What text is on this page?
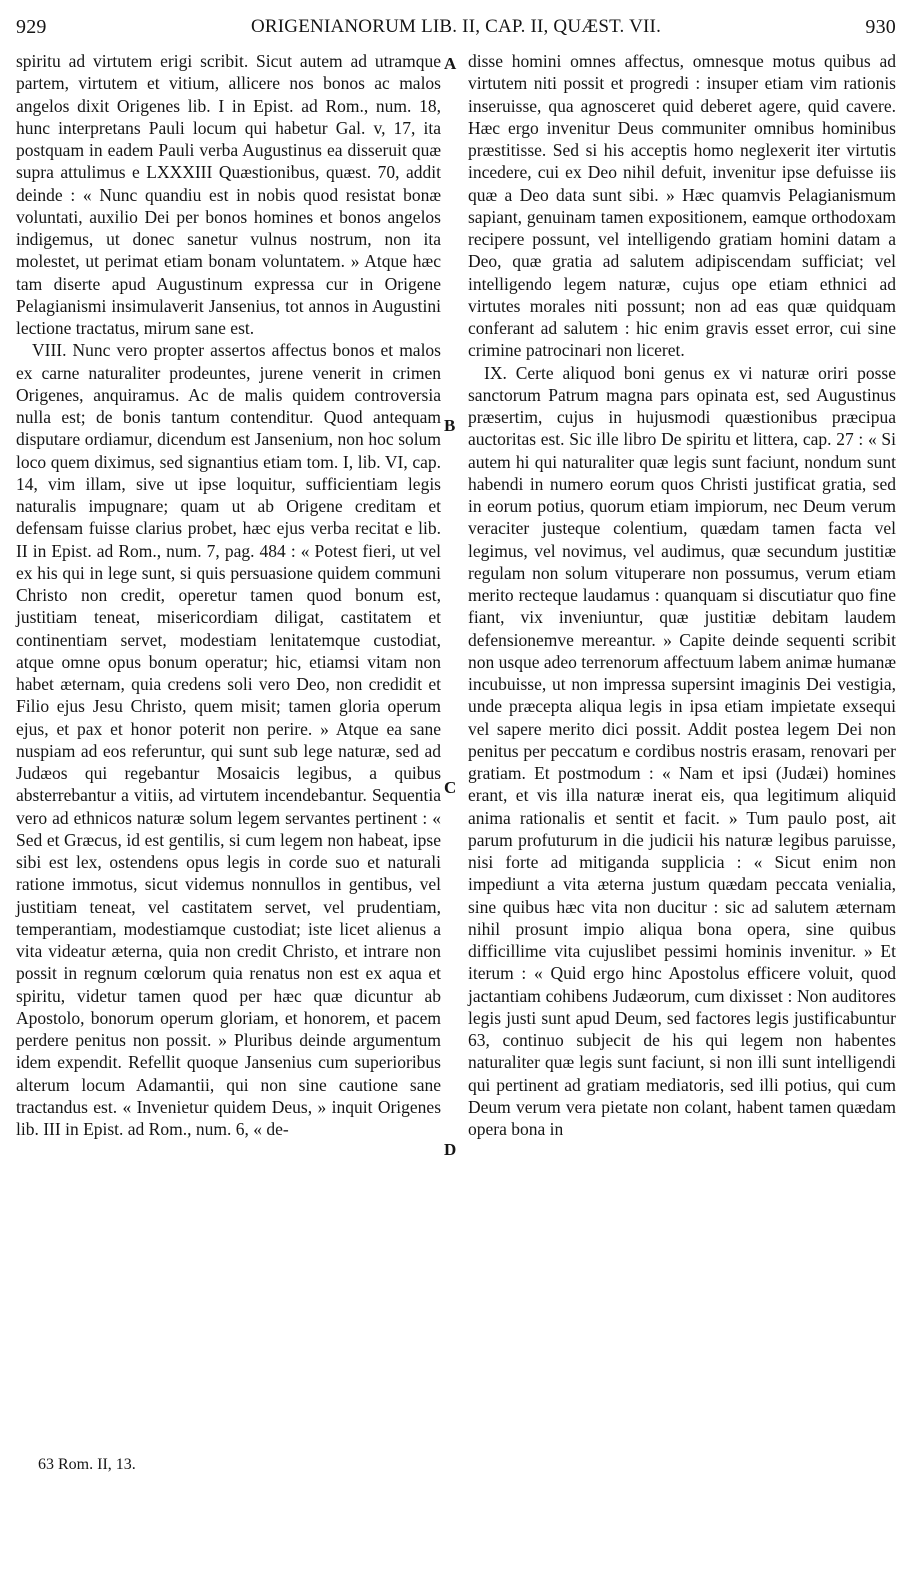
929	ORIGENIANORUM LIB. II, CAP. II, QUÆST. VII.	930

spiritu ad virtutem erigi scribit. Sicut autem ad utramque partem, virtutem et vitium, allicere nos bonos ac malos angelos dixit Origenes lib. I in Epist. ad Rom., num. 18, hunc interpretans Pauli locum qui habetur Gal. v, 17, ita postquam in eadem Pauli verba Augustinus ea disseruit quæ supra attulimus e LXXXIII Quæstionibus, quæst. 70, addit deinde : « Nunc quandiu est in nobis quod resistat bonæ voluntati, auxilio Dei per bonos homines et bonos angelos indigemus, ut donec sanetur vulnus nostrum, non ita molestet, ut perimat etiam bonam voluntatem. » Atque hæc tam diserte apud Augustinum expressa cur in Origene Pelagianismi insimulaverit Jansenius, tot annos in Augustini lectione tractatus, mirum sane est.

VIII. Nunc vero propter assertos affectus bonos et malos ex carne naturaliter prodeuntes, jurene venerit in crimen Origenes, anquiramus. Ac de malis quidem controversia nulla est; de bonis tantum contenditur. Quod antequam disputare ordiamur, dicendum est Jansenium, non hoc solum loco quem diximus, sed signantius etiam tom. I, lib. VI, cap. 14, vim illam, sive ut ipse loquitur, sufficientiam legis naturalis impugnare; quam ut ab Origene creditam et defensam fuisse clarius probet, hæc ejus verba recitat e lib. II in Epist. ad Rom., num. 7, pag. 484 : « Potest fieri, ut vel ex his qui in lege sunt, si quis persuasione quidem communi Christo non credit, operetur tamen quod bonum est, justitiam teneat, misericordiam diligat, castitatem et continentiam servet, modestiam lenitatemque custodiat, atque omne opus bonum operatur; hic, etiamsi vitam non habet æternam, quia credens soli vero Deo, non credidit et Filio ejus Jesu Christo, quem misit; tamen gloria operum ejus, et pax et honor poterit non perire. » Atque ea sane nuspiam ad eos referuntur, qui sunt sub lege naturæ, sed ad Judæos qui regebantur Mosaicis legibus, a quibus absterrebantur a vitiis, ad virtutem incendebantur. Sequentia vero ad ethnicos naturæ solum legem servantes pertinent : « Sed et Græcus, id est gentilis, si cum legem non habeat, ipse sibi est lex, ostendens opus legis in corde suo et naturali ratione immotus, sicut videmus nonnullos in gentibus, vel justitiam teneat, vel castitatem servet, vel prudentiam, temperantiam, modestiamque custodiat; iste licet alienus a vita videatur æterna, quia non credit Christo, et intrare non possit in regnum cœlorum quia renatus non est ex aqua et spiritu, videtur tamen quod per hæc quæ dicuntur ab Apostolo, bonorum operum gloriam, et honorem, et pacem perdere penitus non possit. » Pluribus deinde argumentum idem expendit. Refellit quoque Jansenius cum superioribus alterum locum Adamantii, qui non sine cautione sane tractandus est. « Invenietur quidem Deus, » inquit Origenes lib. III in Epist. ad Rom., num. 6, « de-

A
B
C
D

disse homini omnes affectus, omnesque motus quibus ad virtutem niti possit et progredi : insuper etiam vim rationis inseruisse, qua agnosceret quid deberet agere, quid cavere. Hæc ergo invenitur Deus communiter omnibus hominibus præstitisse. Sed si his acceptis homo neglexerit iter virtutis incedere, cui ex Deo nihil defuit, invenitur ipse defuisse iis quæ a Deo data sunt sibi. » Hæc quamvis Pelagianismum sapiant, genuinam tamen expositionem, eamque orthodoxam recipere possunt, vel intelligendo gratiam homini datam a Deo, quæ gratia ad salutem adipiscendam sufficiat; vel intelligendo legem naturæ, cujus ope etiam ethnici ad virtutes morales niti possunt; non ad eas quæ quidquam conferant ad salutem : hic enim gravis esset error, cui sine crimine patrocinari non liceret.

IX. Certe aliquod boni genus ex vi naturæ oriri posse sanctorum Patrum magna pars opinata est, sed Augustinus præsertim, cujus in hujusmodi quæstionibus præcipua auctoritas est. Sic ille libro De spiritu et littera, cap. 27 : « Si autem hi qui naturaliter quæ legis sunt faciunt, nondum sunt habendi in numero eorum quos Christi justificat gratia, sed in eorum potius, quorum etiam impiorum, nec Deum verum veraciter justeque colentium, quædam tamen facta vel legimus, vel novimus, vel audimus, quæ secundum justitiæ regulam non solum vituperare non possumus, verum etiam merito recteque laudamus : quanquam si discutiatur quo fine fiant, vix inveniuntur, quæ justitiæ debitam laudem defensionemve mereantur. » Capite deinde sequenti scribit non usque adeo terrenorum affectuum labem animæ humanæ incubuisse, ut non impressa supersint imaginis Dei vestigia, unde præcepta aliqua legis in ipsa etiam impietate exsequi vel sapere merito dici possit. Addit postea legem Dei non penitus per peccatum e cordibus nostris erasam, renovari per gratiam. Et postmodum : « Nam et ipsi (Judæi) homines erant, et vis illa naturæ inerat eis, qua legitimum aliquid anima rationalis et sentit et facit. » Tum paulo post, ait parum profuturum in die judicii his naturæ legibus paruisse, nisi forte ad mitiganda supplicia : « Sicut enim non impediunt a vita æterna justum quædam peccata venialia, sine quibus hæc vita non ducitur : sic ad salutem æternam nihil prosunt impio aliqua bona opera, sine quibus difficillime vita cujuslibet pessimi hominis invenitur. » Et iterum : « Quid ergo hinc Apostolus efficere voluit, quod jactantiam cohibens Judæorum, cum dixisset : Non auditores legis justi sunt apud Deum, sed factores legis justificabuntur 63, continuo subjecit de his qui legem non habentes naturaliter quæ legis sunt faciunt, si non illi sunt intelligendi qui pertinent ad gratiam mediatoris, sed illi potius, qui cum Deum verum vera pietate non colant, habent tamen quædam opera bona in

63 Rom. II, 13.
